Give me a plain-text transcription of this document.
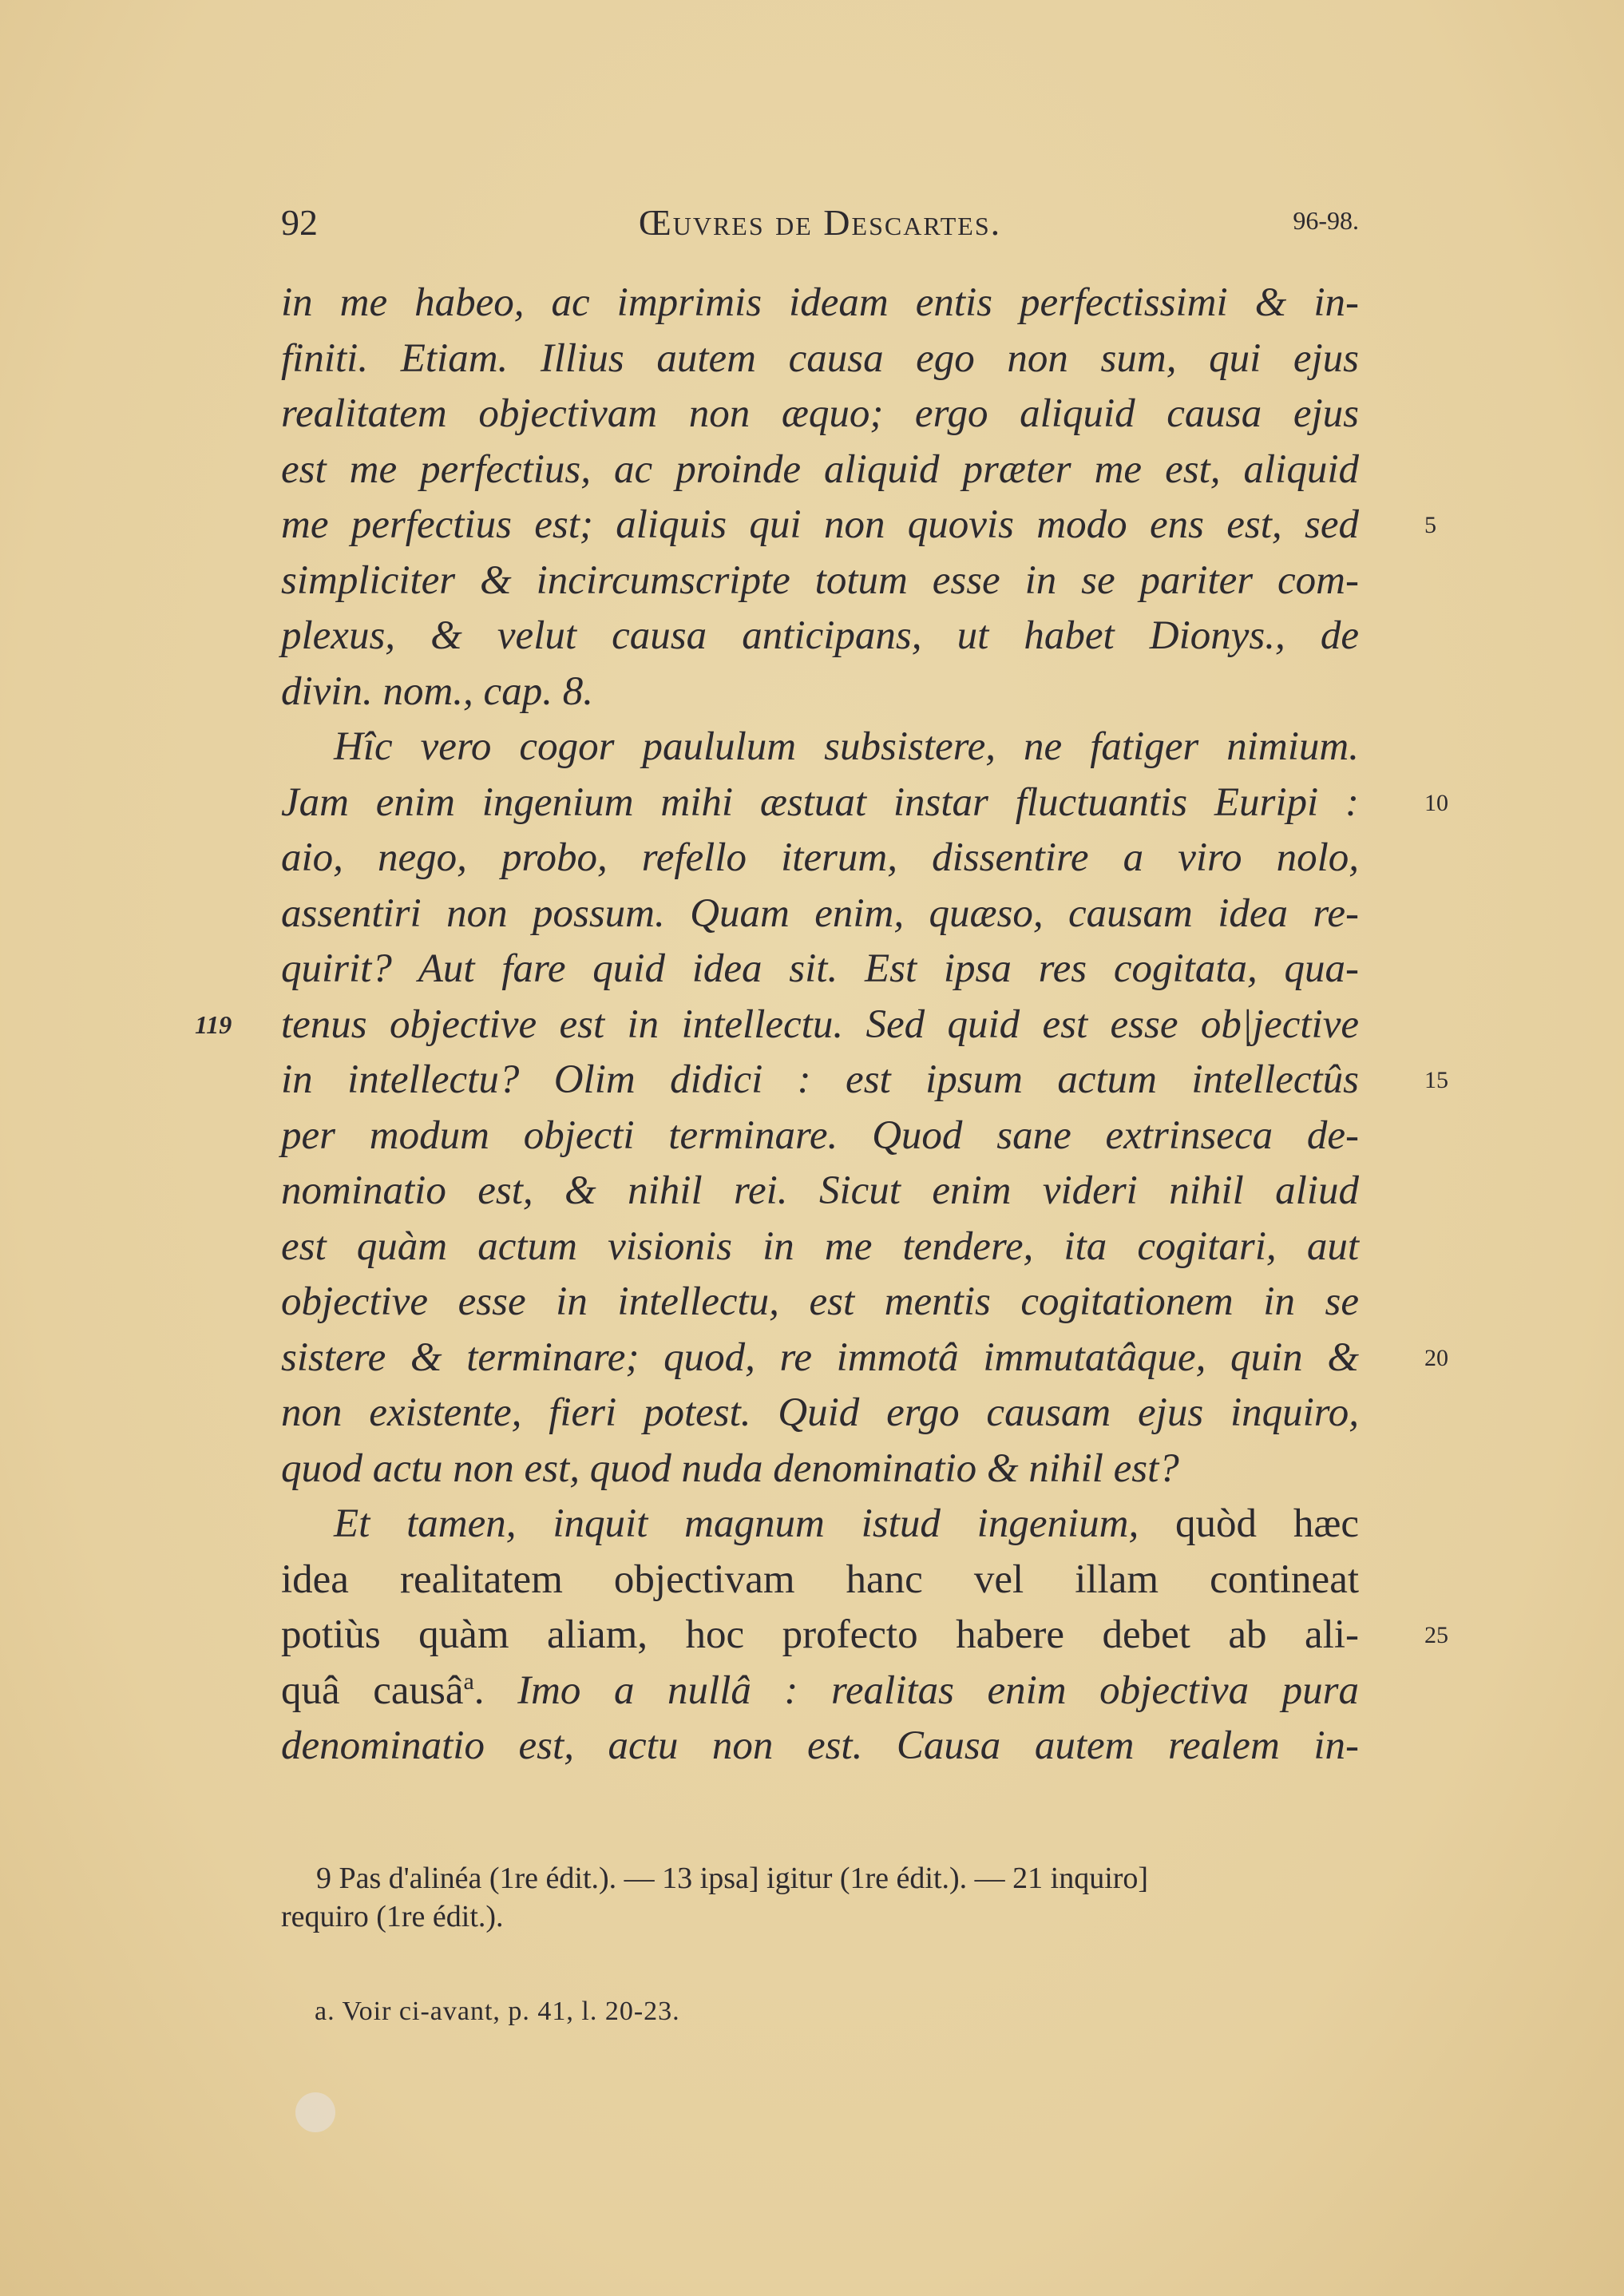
92	Œuvres de Descartes.	96-98.
in me habeo, ac imprimis ideam entis perfectissimi & in-
finiti. Etiam. Illius autem causa ego non sum, qui ejus
realitatem objectivam non æquo; ergo aliquid causa ejus
est me perfectius, ac proinde aliquid præter me est, aliquid
me perfectius est; aliquis qui non quovis modo ens est, sed	5
simpliciter & incircumscripte totum esse in se pariter com-
plexus, & velut causa anticipans, ut habet Dionys., de
divin. nom., cap. 8.
Hîc vero cogor paululum subsistere, ne fatiger nimium.
Jam enim ingenium mihi æstuat instar fluctuantis Euripi :	10
aio, nego, probo, refello iterum, dissentire a viro nolo,
assentiri non possum. Quam enim, quæso, causam idea re-
quirit? Aut fare quid idea sit. Est ipsa res cogitata, qua-
tenus objective est in intellectu. Sed quid est esse ob|jective
119
in intellectu? Olim didici : est ipsum actum intellectûs	15
per modum objecti terminare. Quod sane extrinseca de-
nominatio est, & nihil rei. Sicut enim videri nihil aliud
est quàm actum visionis in me tendere, ita cogitari, aut
objective esse in intellectu, est mentis cogitationem in se
sistere & terminare; quod, re immotâ immutatâque, quin &	20
non existente, fieri potest. Quid ergo causam ejus inquiro,
quod actu non est, quod nuda denominatio & nihil est?
Et tamen, inquit magnum istud ingenium, quòd hæc
idea realitatem objectivam hanc vel illam contineat
potiùs quàm aliam, hoc profecto habere debet ab ali-	25
quâ causâ$^a$. Imo a nullâ : realitas enim objectiva pura
denominatio est, actu non est. Causa autem realem in-
9 Pas d'alinéa (1re édit.). — 13 ipsa] igitur (1re édit.). — 21 inquiro]
requiro (1re édit.).
a. Voir ci-avant, p. 41, l. 20-23.
